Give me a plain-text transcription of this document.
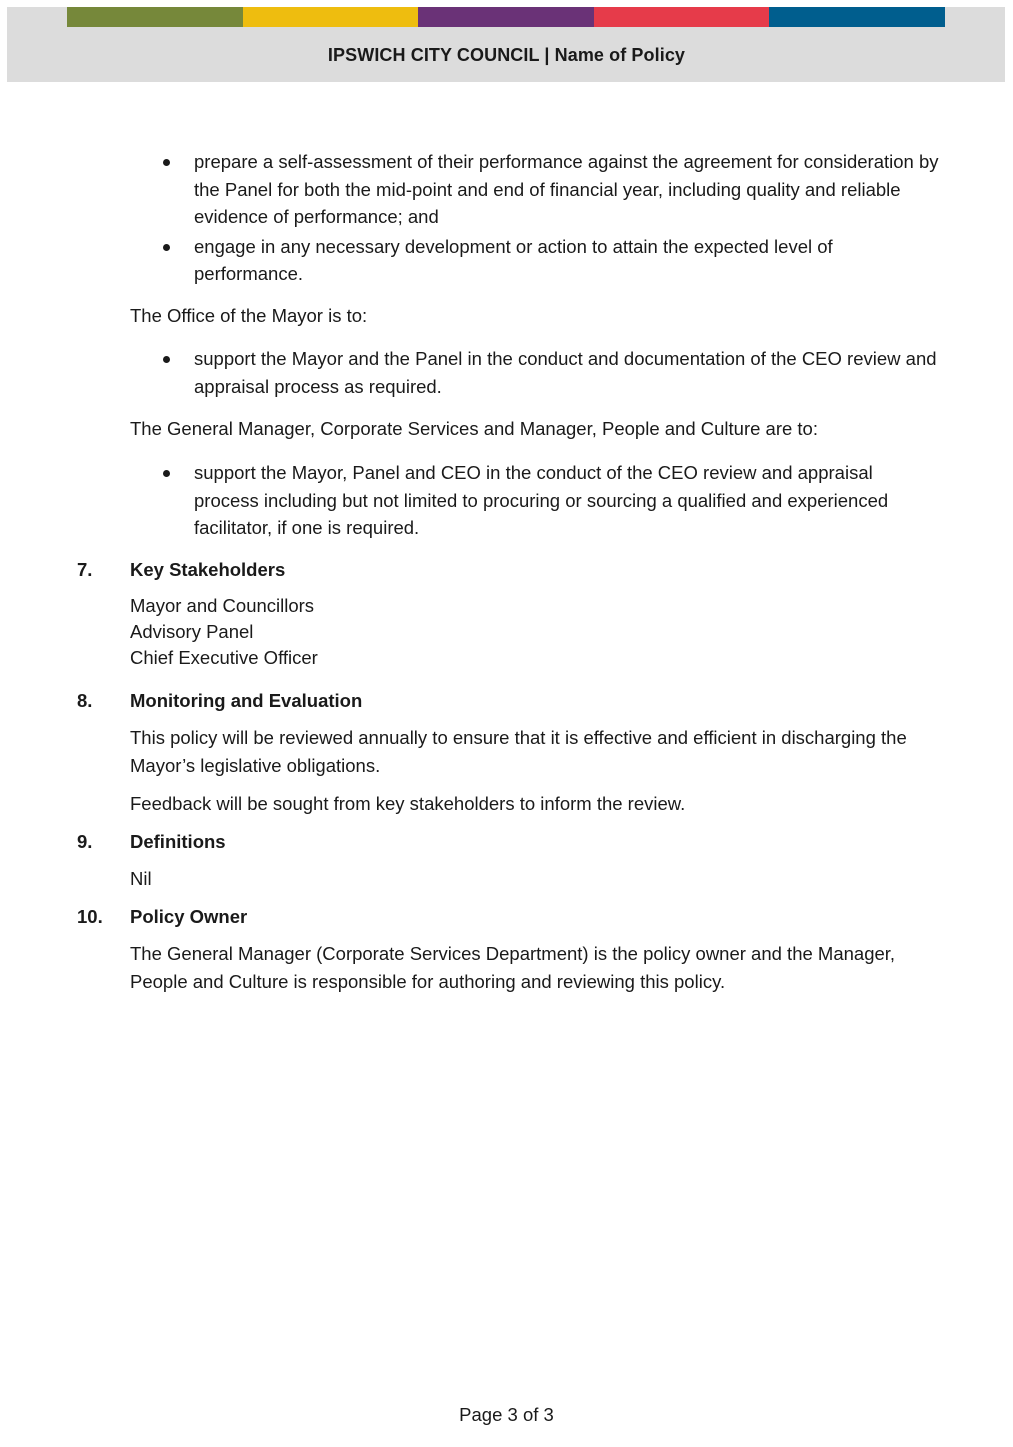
IPSWICH CITY COUNCIL | Name of Policy
prepare a self-assessment of their performance against the agreement for consideration by the Panel for both the mid-point and end of financial year, including quality and reliable evidence of performance; and
engage in any necessary development or action to attain the expected level of performance.

The Office of the Mayor is to:

support the Mayor and the Panel in the conduct and documentation of the CEO review and appraisal process as required.

The General Manager, Corporate Services and Manager, People and Culture are to:

support the Mayor, Panel and CEO in the conduct of the CEO review and appraisal process including but not limited to procuring or sourcing a qualified and experienced facilitator, if one is required.
7. Key Stakeholders
Mayor and Councillors
Advisory Panel
Chief Executive Officer
8. Monitoring and Evaluation

This policy will be reviewed annually to ensure that it is effective and efficient in discharging the Mayor’s legislative obligations.

Feedback will be sought from key stakeholders to inform the review.

9. Definitions

Nil

10. Policy Owner

The General Manager (Corporate Services Department) is the policy owner and the Manager, People and Culture is responsible for authoring and reviewing this policy.

Page 3 of 3
